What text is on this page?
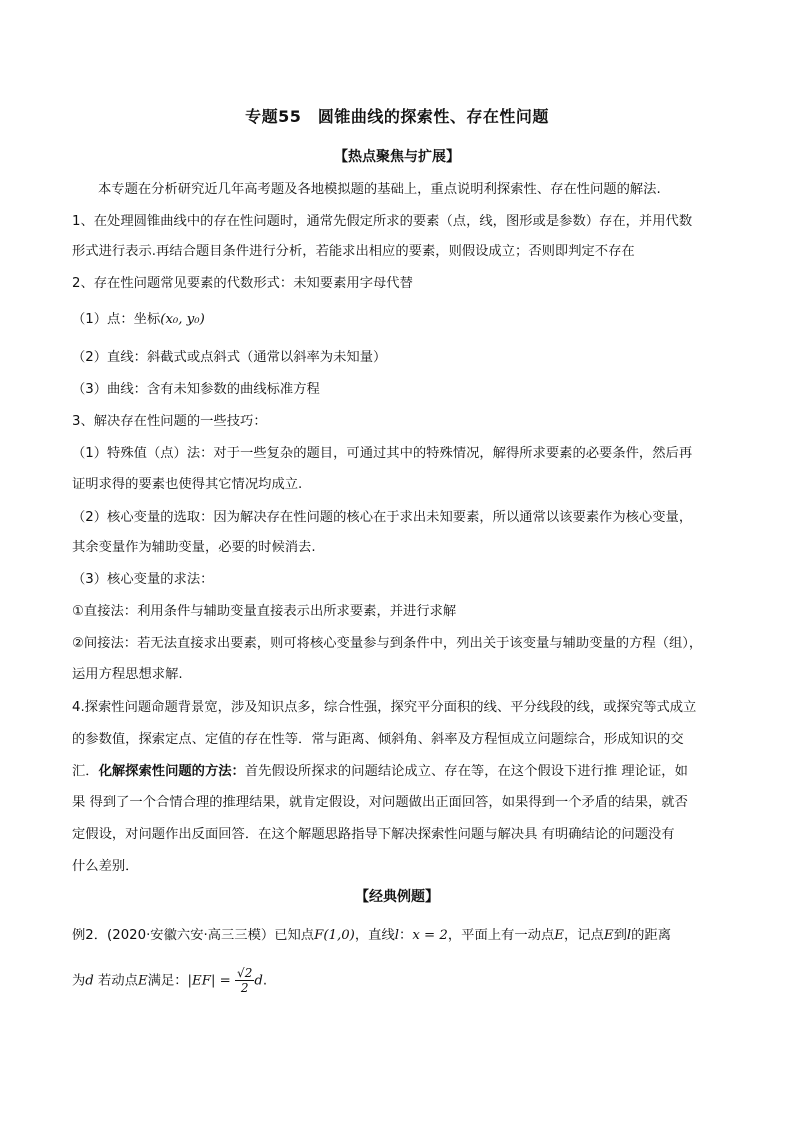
专题55　圆锥曲线的探索性、存在性问题
【热点聚焦与扩展】
本专题在分析研究近几年高考题及各地模拟题的基础上，重点说明利探索性、存在性问题的解法.
1、在处理圆锥曲线中的存在性问题时，通常先假定所求的要素（点，线，图形或是参数）存在，并用代数
形式进行表示.再结合题目条件进行分析，若能求出相应的要素，则假设成立；否则即判定不存在
2、存在性问题常见要素的代数形式：未知要素用字母代替
（1）点：坐标(x₀, y₀)
（2）直线：斜截式或点斜式（通常以斜率为未知量）
（3）曲线：含有未知参数的曲线标准方程
3、解决存在性问题的一些技巧：
（1）特殊值（点）法：对于一些复杂的题目，可通过其中的特殊情况，解得所求要素的必要条件，然后再
证明求得的要素也使得其它情况均成立.
（2）核心变量的选取：因为解决存在性问题的核心在于求出未知要素，所以通常以该要素作为核心变量，
其余变量作为辅助变量，必要的时候消去.
（3）核心变量的求法：
①直接法：利用条件与辅助变量直接表示出所求要素，并进行求解
②间接法：若无法直接求出要素，则可将核心变量参与到条件中，列出关于该变量与辅助变量的方程（组），
运用方程思想求解.
4.探索性问题命题背景宽，涉及知识点多，综合性强，探究平分面积的线、平分线段的线，或探究等式成立
的参数值，探索定点、定值的存在性等．常与距离、倾斜角、斜率及方程恒成立问题综合，形成知识的交
汇．化解探索性问题的方法：首先假设所探求的问题结论成立、存在等，在这个假设下进行推 理论证，如
果 得到了一个合情合理的推理结果，就肯定假设，对问题做出正面回答，如果得到一个矛盾的结果，就否
定假设，对问题作出反面回答．在这个解题思路指导下解决探索性问题与解决具 有明确结论的问题没有
什么差别．
【经典例题】
例2．(2020·安徽六安·高三三模）已知点F(1,0)，直线l：x = 2，平面上有一动点E，记点E到l的距离
为d 若动点E满足：$|EF| = \frac{√2}{2} d$.
